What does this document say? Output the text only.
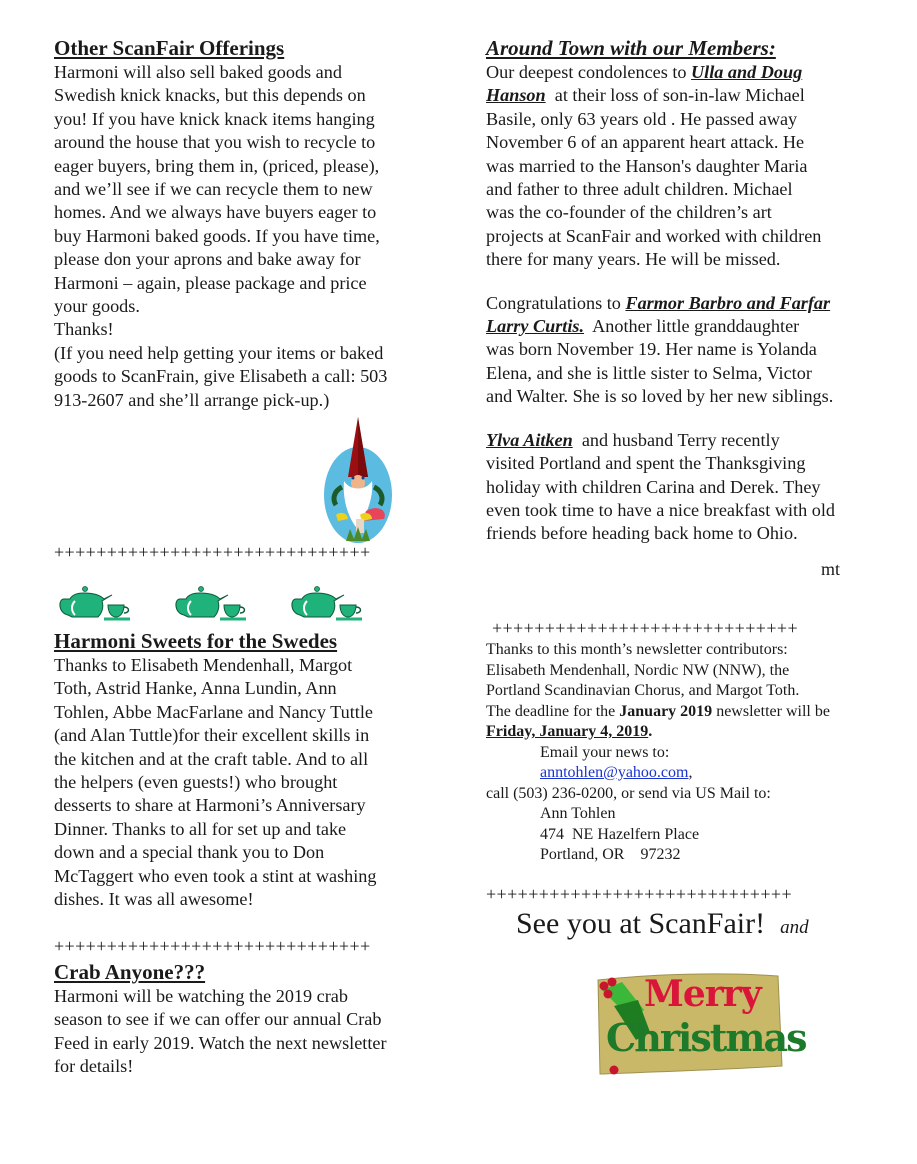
Other ScanFair Offerings

Harmoni will also sell baked goods and

Swedish knick knacks, but this depends on

you! If you have knick knack items hanging

around the house that you wish to recycle to

eager buyers, bring them in, (priced, please),

and we’ll see if we can recycle them to new

homes. And we always have buyers eager to

buy Harmoni baked goods. If you have time,

please don your aprons and bake away for

Harmoni – again, please package and price

your goods.

Thanks!

(If you need help getting your items or baked

goods to ScanFrain, give Elisabeth a call: 503

913-2607 and she’ll arrange pick-up.)

++++++++++++++++++++++++++++++
Harmoni Sweets for the Swedes

Thanks to Elisabeth Mendenhall, Margot

Toth, Astrid Hanke, Anna Lundin, Ann

Tohlen, Abbe MacFarlane and Nancy Tuttle

(and Alan Tuttle)for their excellent skills in

the kitchen and at the craft table. And to all

the helpers (even guests!) who brought

desserts to share at Harmoni’s Anniversary

Dinner. Thanks to all for set up and take

down and a special thank you to Don

McTaggert who even took a stint at washing

dishes. It was all awesome!

++++++++++++++++++++++++++++++
Crab Anyone???

Harmoni will be watching the 2019 crab

season to see if we can offer our annual Crab

Feed in early 2019. Watch the next newsletter

for details!

Around Town with our Members:

Our deepest condolences to Ulla and Doug

Hanson  at their loss of son-in-law Michael

Basile, only 63 years old . He passed away

November 6 of an apparent heart attack. He

was married to the Hanson's daughter Maria

and father to three adult children. Michael

was the co-founder of the children’s art

projects at ScanFair and worked with children

there for many years. He will be missed.

Congratulations to Farmor Barbro and Farfar

Larry Curtis.  Another little granddaughter

was born November 19. Her name is Yolanda

Elena, and she is little sister to Selma, Victor

and Walter. She is so loved by her new siblings.

Ylva Aitken  and husband Terry recently

visited Portland and spent the Thanksgiving

holiday with children Carina and Derek. They

even took time to have a nice breakfast with old

friends before heading back home to Ohio.

mt

+++++++++++++++++++++++++++++

Thanks to this month’s newsletter contributors:

Elisabeth Mendenhall, Nordic NW (NNW), the

Portland Scandinavian Chorus, and Margot Toth.

The deadline for the January 2019 newsletter will be

Friday, January 4, 2019.

Email your news to:

anntohlen@yahoo.com,

call (503) 236-0200, or send via US Mail to:

Ann Tohlen

474  NE Hazelfern Place

Portland, OR    97232

+++++++++++++++++++++++++++++
See you at ScanFair! and
Merry
Christmas
